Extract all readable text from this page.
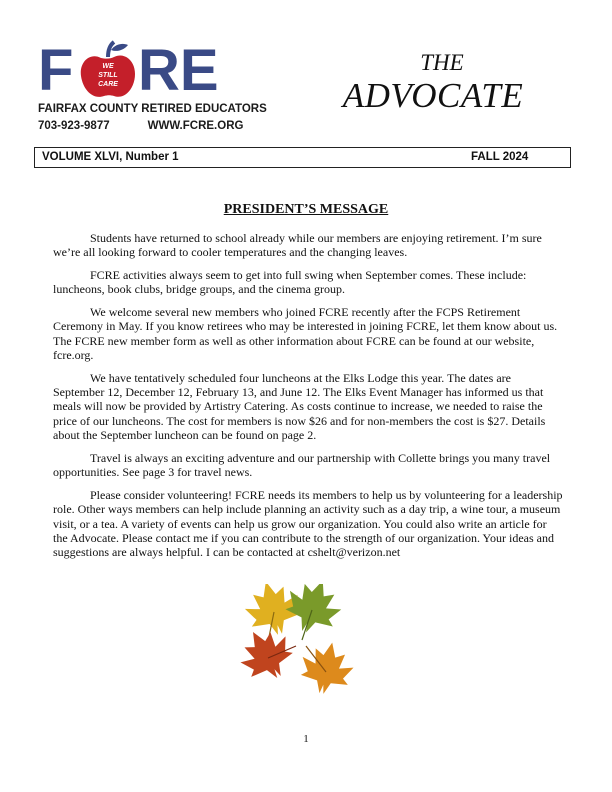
F	WE
STILL
CARE RE
FAIRFAX COUNTY RETIRED EDUCATORS
703-923-9877	WWW.FCRE.ORG
THE
ADVOCATE
VOLUME XLVI, Number 1	FALL 2024
PRESIDENT’S MESSAGE

Students have returned to school already while our members are enjoying retirement. I’m sure we’re all looking forward to cooler temperatures and the changing leaves.

FCRE activities always seem to get into full swing when September comes. These include: luncheons, book clubs, bridge groups, and the cinema group.

We welcome several new members who joined FCRE recently after the FCPS Retirement Ceremony in May. If you know retirees who may be interested in joining FCRE, let them know about us. The FCRE new member form as well as other information about FCRE can be found at our website, fcre.org.

We have tentatively scheduled four luncheons at the Elks Lodge this year. The dates are September 12, December 12, February 13, and June 12. The Elks Event Manager has informed us that meals will now be provided by Artistry Catering. As costs continue to increase, we needed to raise the price of our luncheons. The cost for members is now $26 and for non-members the cost is $27. Details about the September luncheon can be found on page 2.

Travel is always an exciting adventure and our partnership with Collette brings you many travel opportunities. See page 3 for travel news.

Please consider volunteering! FCRE needs its members to help us by volunteering for a leadership role. Other ways members can help include planning an activity such as a day trip, a wine tour, a museum visit, or a tea. A variety of events can help us grow our organization. You could also write an article for the Advocate. Please contact me if you can contribute to the strength of our organization. Your ideas and suggestions are always helpful. I can be contacted at cshelt@verizon.net

1
